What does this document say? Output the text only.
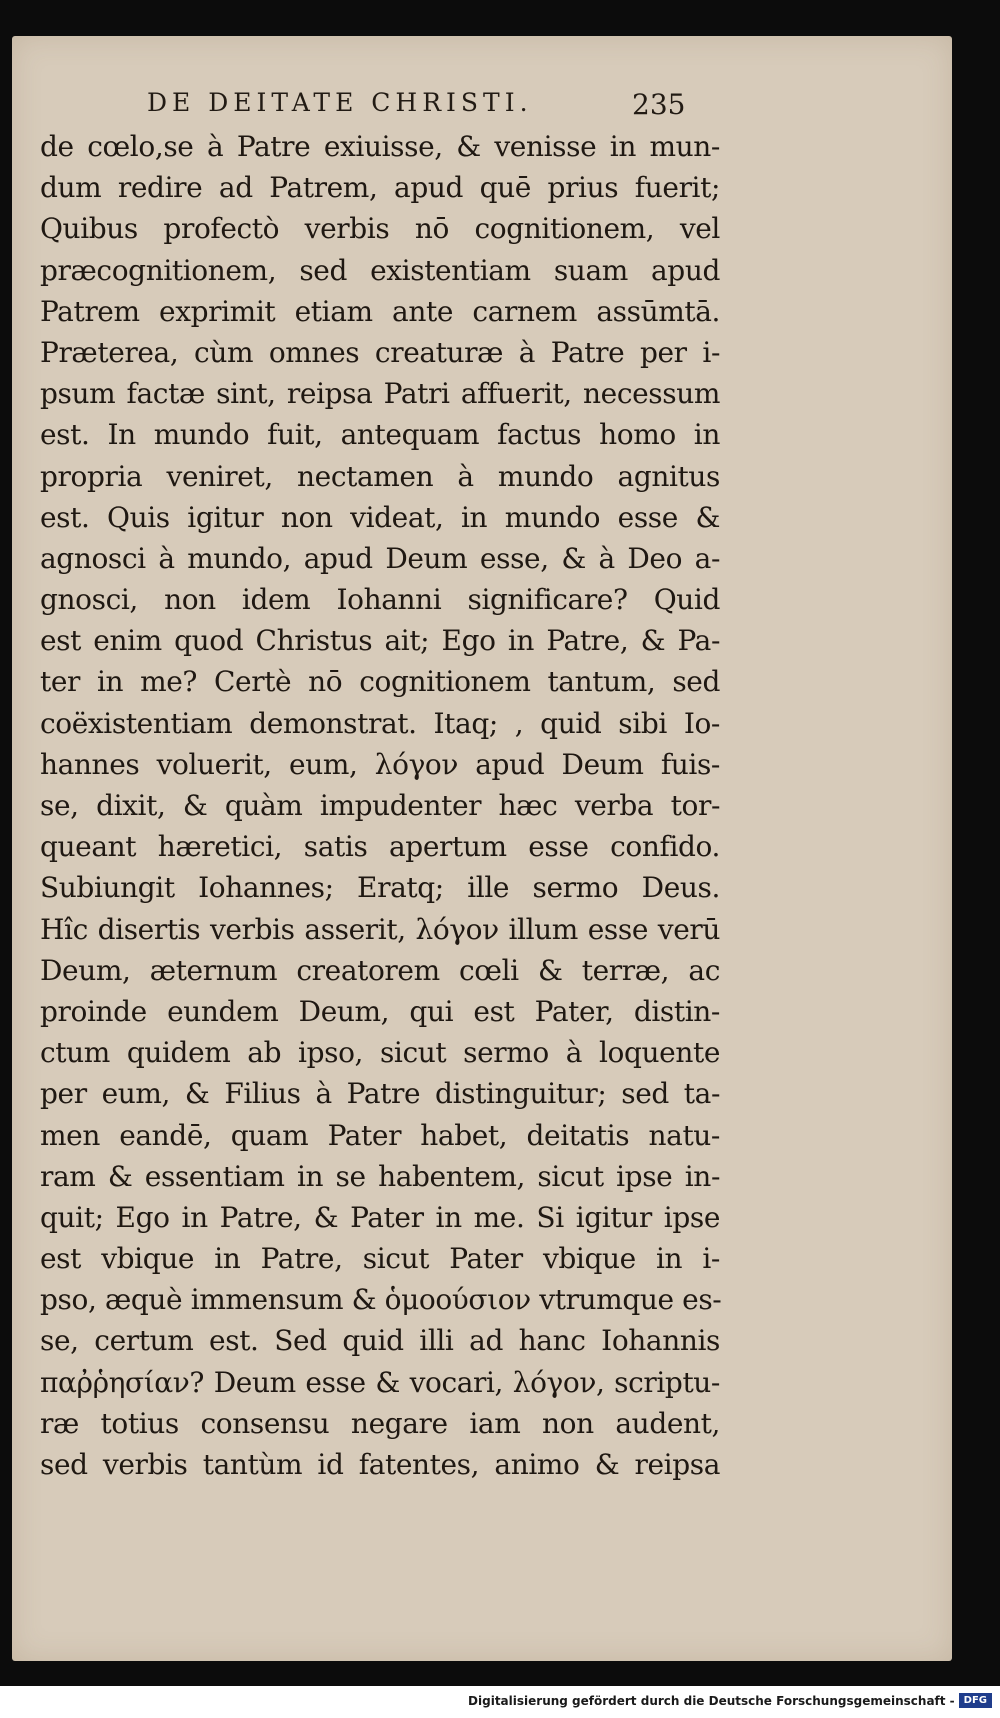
DE DEITATE CHRISTI.	235
de cœlo,se à Patre exiuisse, & venisse in mun-
dum redire ad Patrem, apud quē prius fuerit;
Quibus profectò verbis nō cognitionem, vel
præcognitionem, sed existentiam suam apud
Patrem exprimit etiam ante carnem assūmtā.
Præterea, cùm omnes creaturæ à Patre per i-
psum factæ sint, reipsa Patri affuerit, necessum
est. In mundo fuit, antequam factus homo in
propria veniret, nectamen à mundo agnitus
est. Quis igitur non videat, in mundo esse &
agnosci à mundo, apud Deum esse, & à Deo a-
gnosci, non idem Iohanni significare? Quid
est enim quod Christus ait; Ego in Patre, & Pa-
ter in me? Certè nō cognitionem tantum, sed
coëxistentiam demonstrat. Itaq; , quid sibi Io-
hannes voluerit, eum, λόγον apud Deum fuis-
se, dixit, & quàm impudenter hæc verba tor-
queant hæretici, satis apertum esse confido.
Subiungit Iohannes; Eratq; ille sermo Deus.
Hîc disertis verbis asserit, λόγον illum esse verū
Deum, æternum creatorem cœli & terræ, ac
proinde eundem Deum, qui est Pater, distin-
ctum quidem ab ipso, sicut sermo à loquente
per eum, & Filius à Patre distinguitur; sed ta-
men eandē, quam Pater habet, deitatis natu-
ram & essentiam in se habentem, sicut ipse in-
quit; Ego in Patre, & Pater in me. Si igitur ipse
est vbique in Patre, sicut Pater vbique in i-
pso, æquè immensum & ὁμοούσιον vtrumque es-
se, certum est. Sed quid illi ad hanc Iohannis
παῤῥησίαν? Deum esse & vocari, λόγον, scriptu-
ræ totius consensu negare iam non audent,
sed verbis tantùm id fatentes, animo & reipsa
Digitalisierung gefördert durch die Deutsche Forschungsgemeinschaft - DFG
